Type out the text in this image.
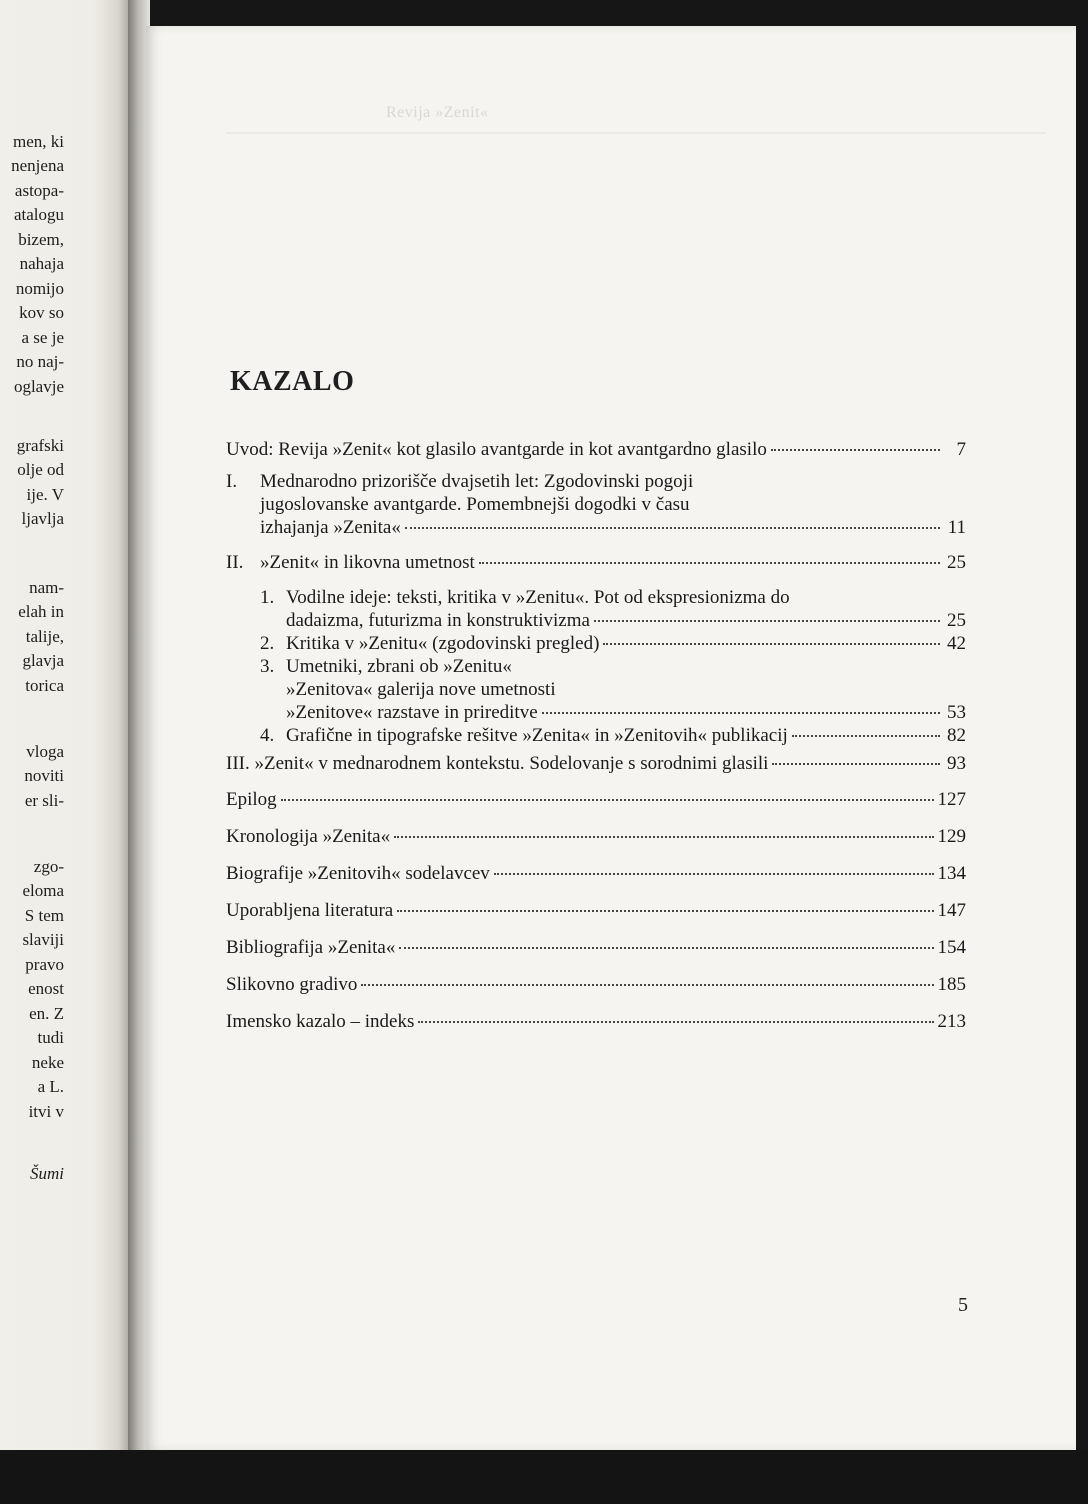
men, ki
nenjena
astopa-
atalogu
bizem,
nahaja
nomijo
kov so
a se je
no naj-
oglavje
grafski
olje od
ije. V
ljavlja
nam-
elah in
talije,
glavja
torica
vloga
noviti
er sli-
zgo-
eloma
S tem
slaviji
pravo
enost
en. Z
tudi
neke
a L.
itvi v
Šumi
Revija »Zenit«
KAZALO
Uvod: Revija »Zenit« kot glasilo avantgarde in kot avantgardno glasilo	7
I.	Mednarodno prizorišče dvajsetih let: Zgodovinski pogoji
jugoslovanske avantgarde. Pomembnejši dogodki v času
izhajanja »Zenita«	11
II. »Zenit« in likovna umetnost	25
1. Vodilne ideje: teksti, kritika v »Zenitu«. Pot od ekspresionizma do
dadaizma, futurizma in konstruktivizma	25
2. Kritika v »Zenitu« (zgodovinski pregled)	42
3. Umetniki, zbrani ob »Zenitu«
»Zenitova« galerija nove umetnosti
»Zenitove« razstave in prireditve	53
4. Grafične in tipografske rešitve »Zenita« in »Zenitovih« publikacij	82
III. »Zenit« v mednarodnem kontekstu. Sodelovanje s sorodnimi glasili	93
Epilog	127
Kronologija »Zenita«	129
Biografije »Zenitovih« sodelavcev	134
Uporabljena literatura	147
Bibliografija »Zenita«	154
Slikovno gradivo	185
Imensko kazalo – indeks	213
5
